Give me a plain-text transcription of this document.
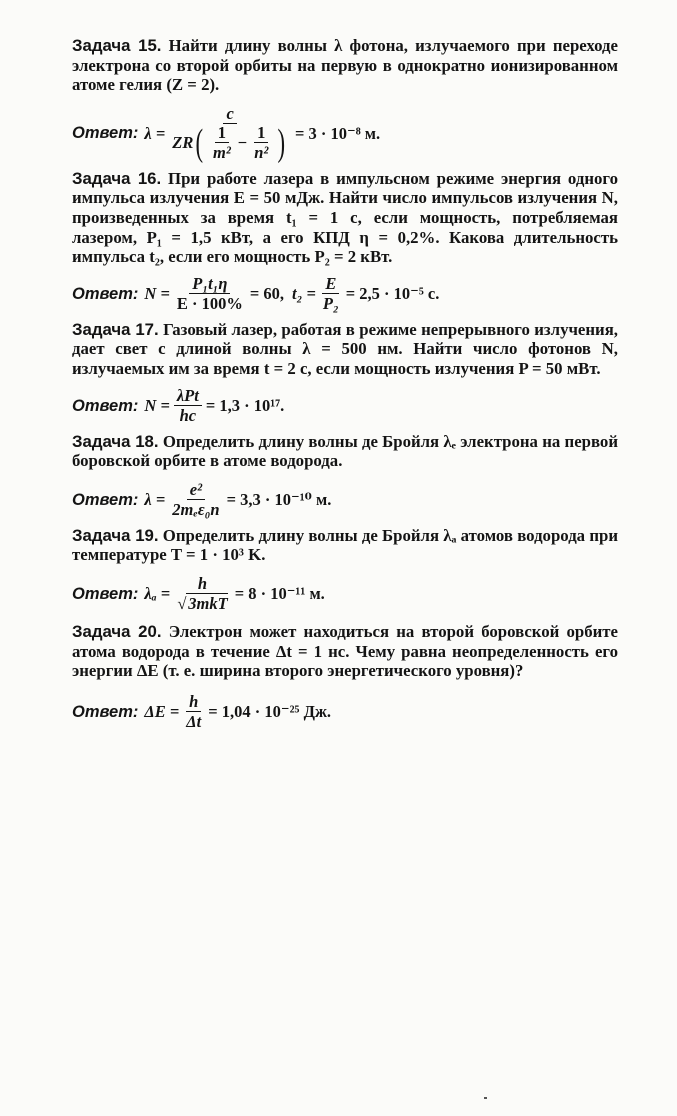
Задача 15. Найти длину волны λ фотона, излучаемого при переходе электрона со второй орбиты на первую в однократно ионизированном атоме гелия (Z = 2).
Ответ: λ =
c
ZR ( $\frac{1}{\text{m²}} - \frac{1}{\text{n²}}$ ) = 3 · 10⁻⁸ м.
Задача 16. При работе лазера в импульсном режиме энергия одного импульса излучения E = 50 мДж. Найти число импульсов излучения N, произведенных за время t₁ = 1 с, если мощность, потребляемая лазером, P₁ = 1,5 кВт, а его КПД η = 0,2%. Какова длительность импульса t₂, если его мощность P₂ = 2 кВт.
Ответ: $N = \frac{\text{P₁t₁η}}{E \cdot 100\%} = 60$, $t_2 = \frac{E}{\text{P₂}} = 2,5 \cdot 10^{-5}$ с.
Задача 17. Газовый лазер, работая в режиме непрерывного излучения, дает свет с длиной волны λ = 500 нм. Найти число фотонов N, излучаемых им за время t = 2 с, если мощность излучения P = 50 мВт.
Ответ: $N = \frac{\text{λPt}}{hc} = 1,3 \cdot 10^{17}$.
Задача 18. Определить длину волны де Бройля λₑ электрона на первой боровской орбите в атоме водорода.
Ответ: $\lambda = \frac{\text{e²}}{\text{2mₑε₀n}} = 3,3 \cdot 10^{-10}$ м.
Задача 19. Определить длину волны де Бройля λₐ атомов водорода при температуре T = 1 · 10³ K.
Ответ: $\lambda_a = \frac{h}{\text{√ 3mkT}} = 8 \cdot 10^{-11}$ м.
Задача 20. Электрон может находиться на второй боровской орбите атома водорода в течение Δt = 1 нс. Чему равна неопределенность его энергии ΔE (т. е. ширина второго энергетического уровня)?
Ответ: $\Delta E = \frac{h}{\Delta t} = 1,04 \cdot 10^{-25}$ Дж.
